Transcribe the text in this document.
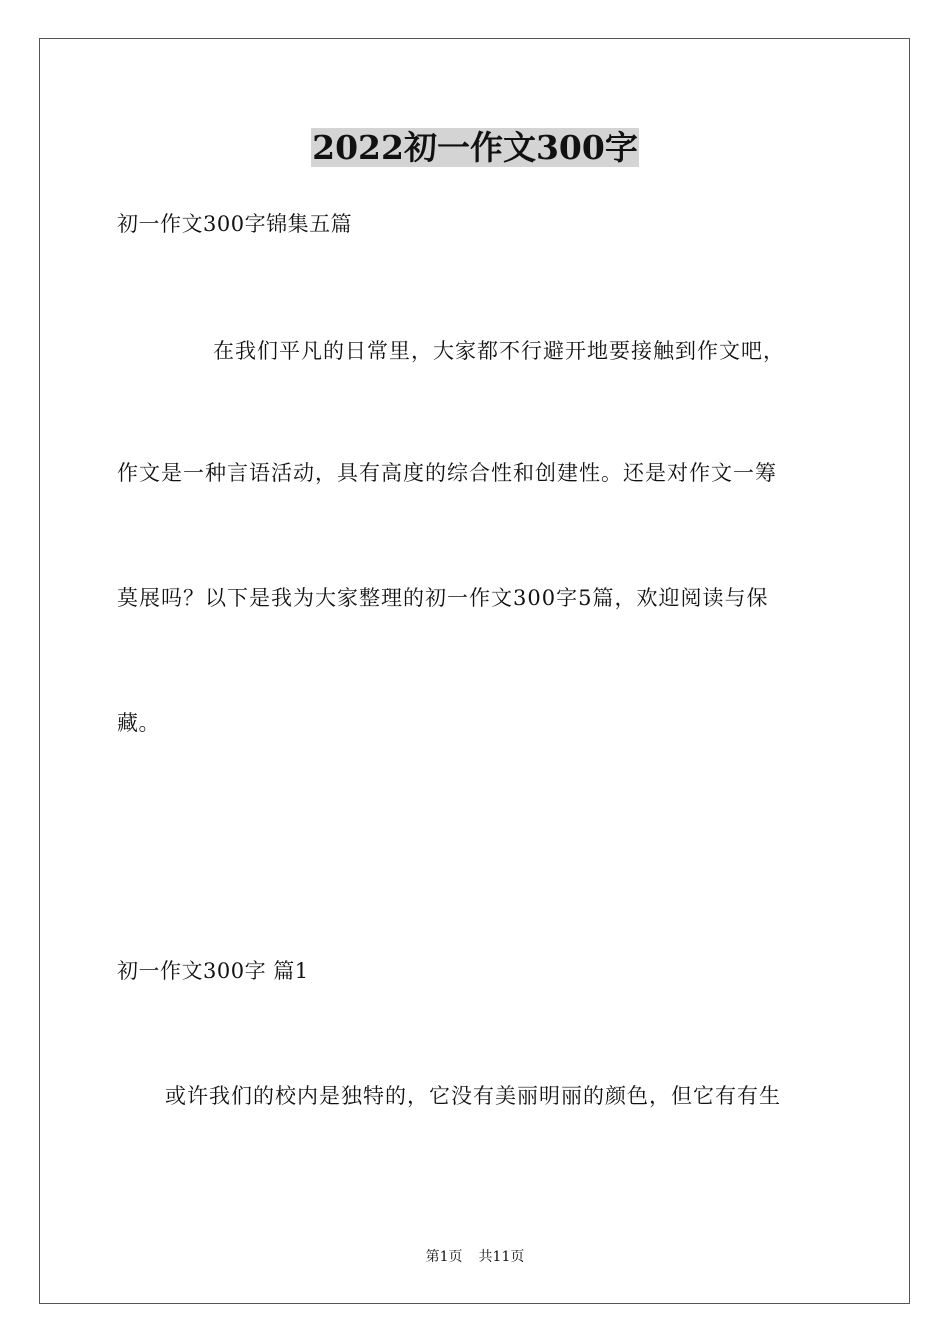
2022初一作文300字

初一作文300字锦集五篇

在我们平凡的日常里，大家都不行避开地要接触到作文吧，

作文是一种言语活动，具有高度的综合性和创建性。还是对作文一筹

莫展吗？以下是我为大家整理的初一作文300字5篇，欢迎阅读与保

藏。

初一作文300字 篇1

或许我们的校内是独特的，它没有美丽明丽的颜色，但它有有生

第1页 共11页
